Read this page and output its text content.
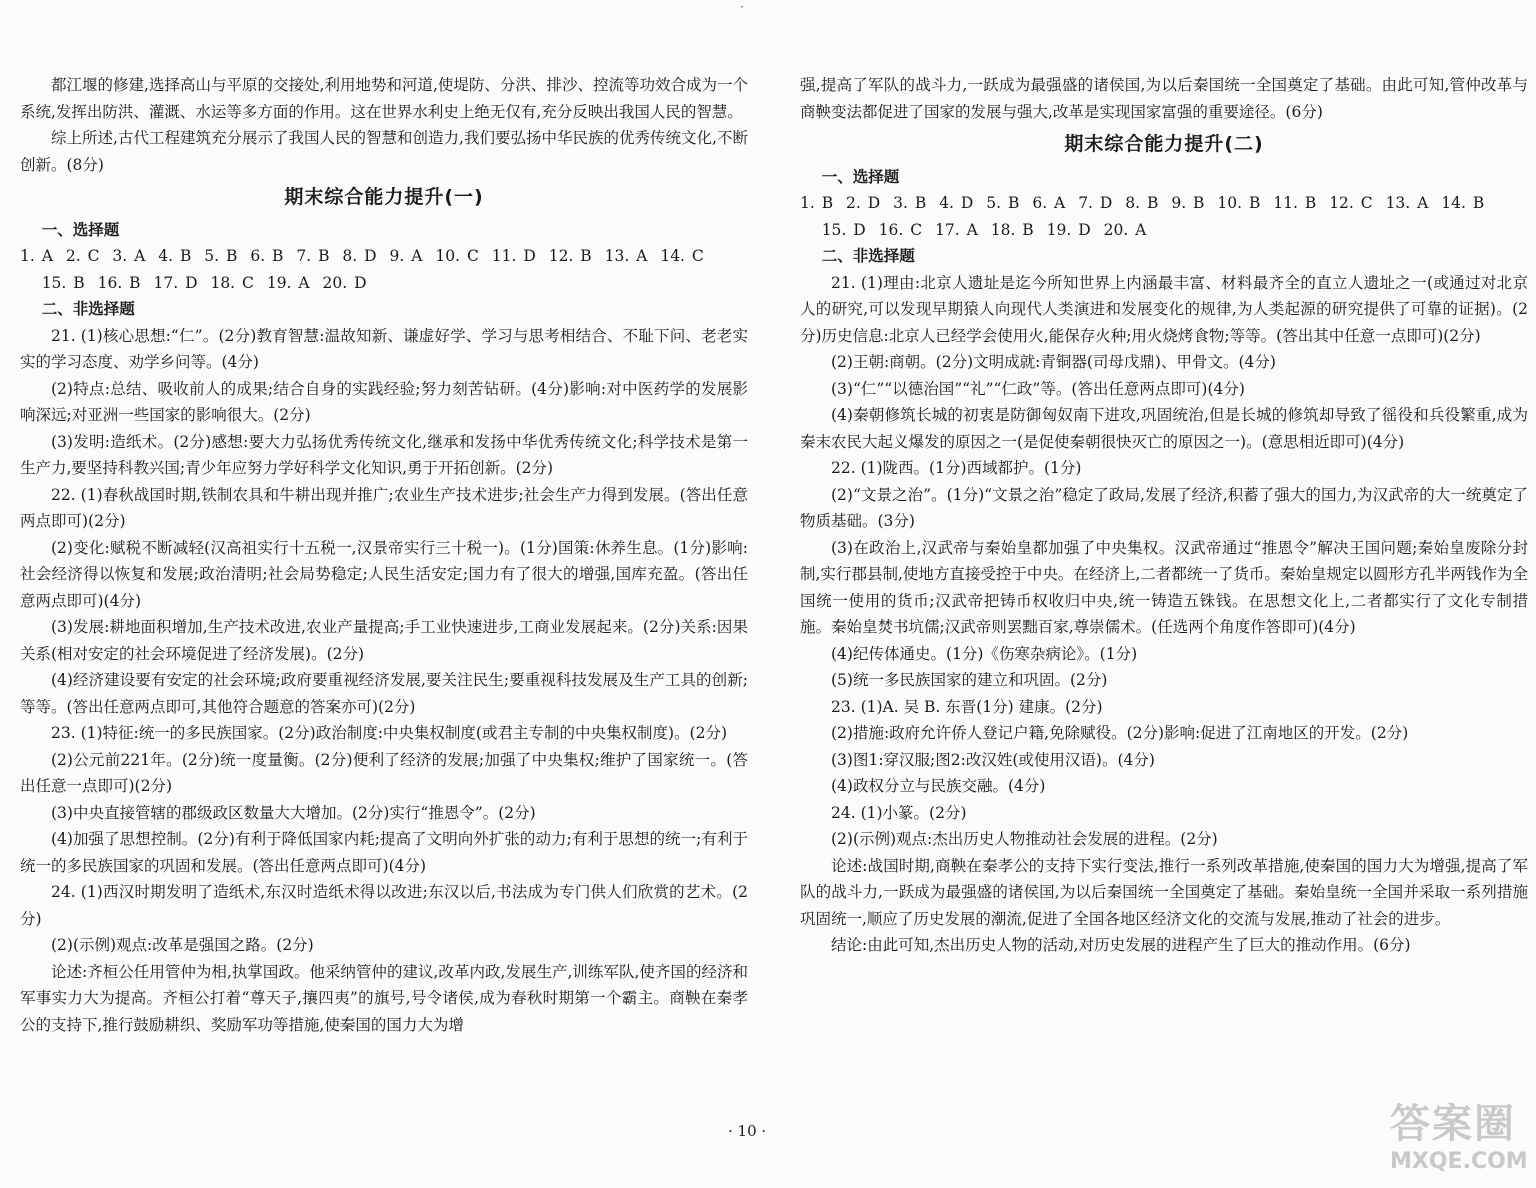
·

都江堰的修建,选择高山与平原的交接处,利用地势和河道,使堤防、分洪、排沙、控流等功效合成为一个系统,发挥出防洪、灌溉、水运等多方面的作用。这在世界水利史上绝无仅有,充分反映出我国人民的智慧。

综上所述,古代工程建筑充分展示了我国人民的智慧和创造力,我们要弘扬中华民族的优秀传统文化,不断创新。(8分)

期末综合能力提升(一)
一、选择题
1. A 2. C 3. A 4. B 5. B 6. B 7. B 8. D 9. A 10. C 11. D 12. B 13. A 14. C 15. B 16. B 17. D 18. C 19. A 20. D
二、非选择题

21. (1)核心思想:“仁”。(2分)教育智慧:温故知新、谦虚好学、学习与思考相结合、不耻下问、老老实实的学习态度、劝学乡问等。(4分)

(2)特点:总结、吸收前人的成果;结合自身的实践经验;努力刻苦钻研。(4分)影响:对中医药学的发展影响深远;对亚洲一些国家的影响很大。(2分)

(3)发明:造纸术。(2分)感想:要大力弘扬优秀传统文化,继承和发扬中华优秀传统文化;科学技术是第一生产力,要坚持科教兴国;青少年应努力学好科学文化知识,勇于开拓创新。(2分)

22. (1)春秋战国时期,铁制农具和牛耕出现并推广;农业生产技术进步;社会生产力得到发展。(答出任意两点即可)(2分)

(2)变化:赋税不断减轻(汉高祖实行十五税一,汉景帝实行三十税一)。(1分)国策:休养生息。(1分)影响:社会经济得以恢复和发展;政治清明;社会局势稳定;人民生活安定;国力有了很大的增强,国库充盈。(答出任意两点即可)(4分)

(3)发展:耕地面积增加,生产技术改进,农业产量提高;手工业快速进步,工商业发展起来。(2分)关系:因果关系(相对安定的社会环境促进了经济发展)。(2分)

(4)经济建设要有安定的社会环境;政府要重视经济发展,要关注民生;要重视科技发展及生产工具的创新;等等。(答出任意两点即可,其他符合题意的答案亦可)(2分)

23. (1)特征:统一的多民族国家。(2分)政治制度:中央集权制度(或君主专制的中央集权制度)。(2分)

(2)公元前221年。(2分)统一度量衡。(2分)便利了经济的发展;加强了中央集权;维护了国家统一。(答出任意一点即可)(2分)

(3)中央直接管辖的郡级政区数量大大增加。(2分)实行“推恩令”。(2分)

(4)加强了思想控制。(2分)有利于降低国家内耗;提高了文明向外扩张的动力;有利于思想的统一;有利于统一的多民族国家的巩固和发展。(答出任意两点即可)(4分)

24. (1)西汉时期发明了造纸术,东汉时造纸术得以改进;东汉以后,书法成为专门供人们欣赏的艺术。(2分)

(2)(示例)观点:改革是强国之路。(2分)

论述:齐桓公任用管仲为相,执掌国政。他采纳管仲的建议,改革内政,发展生产,训练军队,使齐国的经济和军事实力大为提高。齐桓公打着“尊天子,攘四夷”的旗号,号令诸侯,成为春秋时期第一个霸主。商鞅在秦孝公的支持下,推行鼓励耕织、奖励军功等措施,使秦国的国力大为增

强,提高了军队的战斗力,一跃成为最强盛的诸侯国,为以后秦国统一全国奠定了基础。由此可知,管仲改革与商鞅变法都促进了国家的发展与强大,改革是实现国家富强的重要途径。(6分)

期末综合能力提升(二)
一、选择题
1. B 2. D 3. B 4. D 5. B 6. A 7. D 8. B 9. B 10. B 11. B 12. C 13. A 14. B 15. D 16. C 17. A 18. B 19. D 20. A
二、非选择题

21. (1)理由:北京人遗址是迄今所知世界上内涵最丰富、材料最齐全的直立人遗址之一(或通过对北京人的研究,可以发现早期猿人向现代人类演进和发展变化的规律,为人类起源的研究提供了可靠的证据)。(2分)历史信息:北京人已经学会使用火,能保存火种;用火烧烤食物;等等。(答出其中任意一点即可)(2分)

(2)王朝:商朝。(2分)文明成就:青铜器(司母戊鼎)、甲骨文。(4分)

(3)“仁”“以德治国”“礼”“仁政”等。(答出任意两点即可)(4分)

(4)秦朝修筑长城的初衷是防御匈奴南下进攻,巩固统治,但是长城的修筑却导致了徭役和兵役繁重,成为秦末农民大起义爆发的原因之一(是促使秦朝很快灭亡的原因之一)。(意思相近即可)(4分)

22. (1)陇西。(1分)西域都护。(1分)

(2)“文景之治”。(1分)“文景之治”稳定了政局,发展了经济,积蓄了强大的国力,为汉武帝的大一统奠定了物质基础。(3分)

(3)在政治上,汉武帝与秦始皇都加强了中央集权。汉武帝通过“推恩令”解决王国问题;秦始皇废除分封制,实行郡县制,使地方直接受控于中央。在经济上,二者都统一了货币。秦始皇规定以圆形方孔半两钱作为全国统一使用的货币;汉武帝把铸币权收归中央,统一铸造五铢钱。在思想文化上,二者都实行了文化专制措施。秦始皇焚书坑儒;汉武帝则罢黜百家,尊崇儒术。(任选两个角度作答即可)(4分)

(4)纪传体通史。(1分)《伤寒杂病论》。(1分)

(5)统一多民族国家的建立和巩固。(2分)

23. (1)A. 吴 B. 东晋(1分) 建康。(2分)

(2)措施:政府允许侨人登记户籍,免除赋役。(2分)影响:促进了江南地区的开发。(2分)

(3)图1:穿汉服;图2:改汉姓(或使用汉语)。(4分)

(4)政权分立与民族交融。(4分)

24. (1)小篆。(2分)

(2)(示例)观点:杰出历史人物推动社会发展的进程。(2分)

论述:战国时期,商鞅在秦孝公的支持下实行变法,推行一系列改革措施,使秦国的国力大为增强,提高了军队的战斗力,一跃成为最强盛的诸侯国,为以后秦国统一全国奠定了基础。秦始皇统一全国并采取一系列措施巩固统一,顺应了历史发展的潮流,促进了全国各地区经济文化的交流与发展,推动了社会的进步。

结论:由此可知,杰出历史人物的活动,对历史发展的进程产生了巨大的推动作用。(6分)

· 10 ·	答案圈
MXQE.COM
